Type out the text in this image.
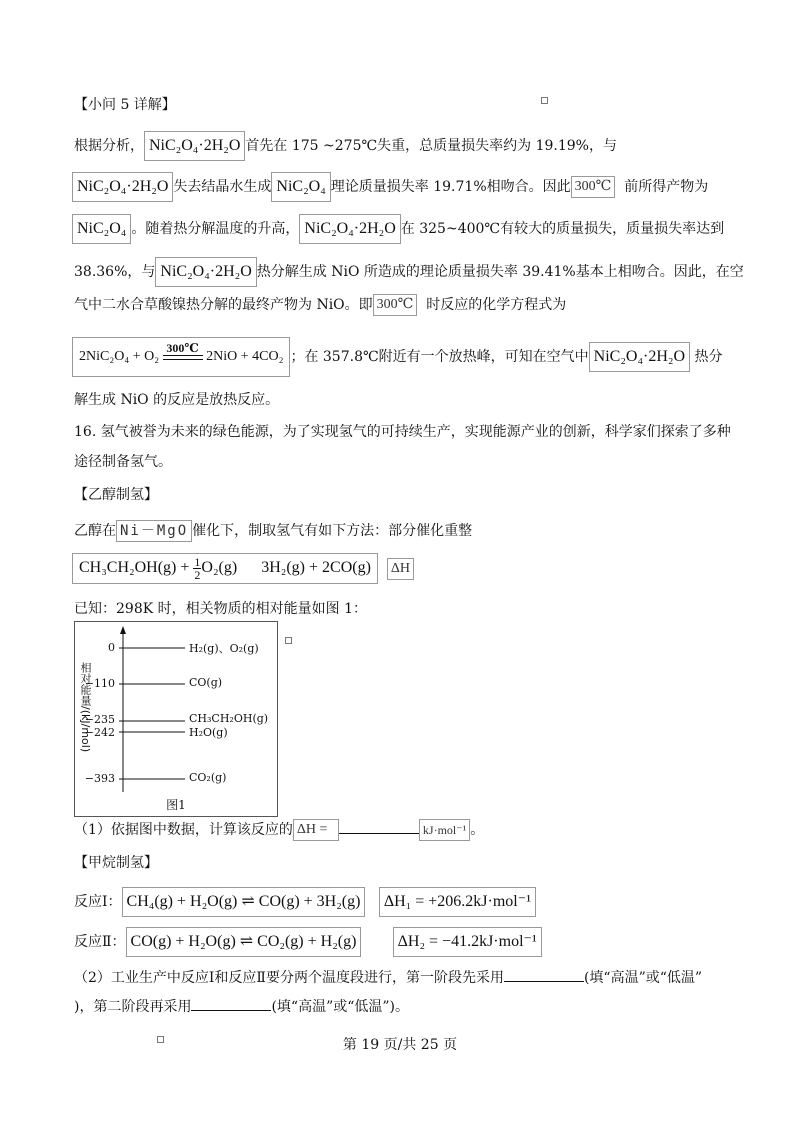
【小问 5 详解】
根据分析， NiC₂O₄·2H₂O 首先在 175 ~275℃失重，总质量损失率约为 19.19%，与
NiC₂O₄·2H₂O 失去结晶水生成 NiC₂O₄ 理论质量损失率 19.71%相吻合。因此 300℃ 前所得产物为
NiC₂O₄ 。随着热分解温度的升高， NiC₂O₄·2H₂O 在 325~400℃有较大的质量损失，质量损失率达到
38.36%，与 NiC₂O₄·2H₂O 热分解生成 NiO 所造成的理论质量损失率 39.41%基本上相吻合。因此，在空
气中二水合草酸镍热分解的最终产物为 NiO。即 300℃ 时反应的化学方程式为
2NiC₂O₄ + O₂
300℃
2NiO + 4CO₂ ；在 357.8℃附近有一个放热峰，可知在空气中 NiC₂O₄·2H₂O 热分
解生成 NiO 的反应是放热反应。
16. 氢气被誉为未来的绿色能源，为了实现氢气的可持续生产，实现能源产业的创新，科学家们探索了多种
途径制备氢气。
【乙醇制氢】
乙醇在 Ni－MgO 催化下，制取氢气有如下方法：部分催化重整
$CH_3CH_2OH(g) + \frac{1}{2} O_2(g) 3H_2(g) + 2CO(g)$ ΔH
已知：298K 时，相关物质的相对能量如图 1：
相对能量/(kJ/mol)
0
−110
−235
−242
−393
H₂(g)、O₂(g)
CO(g)
CH₃CH₂OH(g)
H₂O(g)
CO₂(g)
图1
（1）依据图中数据，计算该反应的 ΔH =	kJ·mol⁻¹ 。
【甲烷制氢】
反应Ⅰ： CH₄(g) + H₂O(g) ⇌ CO(g) + 3H₂(g) ΔH₁ = +206.2kJ·mol⁻¹
反应Ⅱ： CO(g) + H₂O(g) ⇌ CO₂(g) + H₂(g)	ΔH₂ = −41.2kJ·mol⁻¹
（2）工业生产中反应Ⅰ和反应Ⅱ要分两个温度段进行，第一阶段先采用	(填“高温”或“低温”
)，第二阶段再采用	(填“高温”或“低温”)。
第 19 页/共 25 页
